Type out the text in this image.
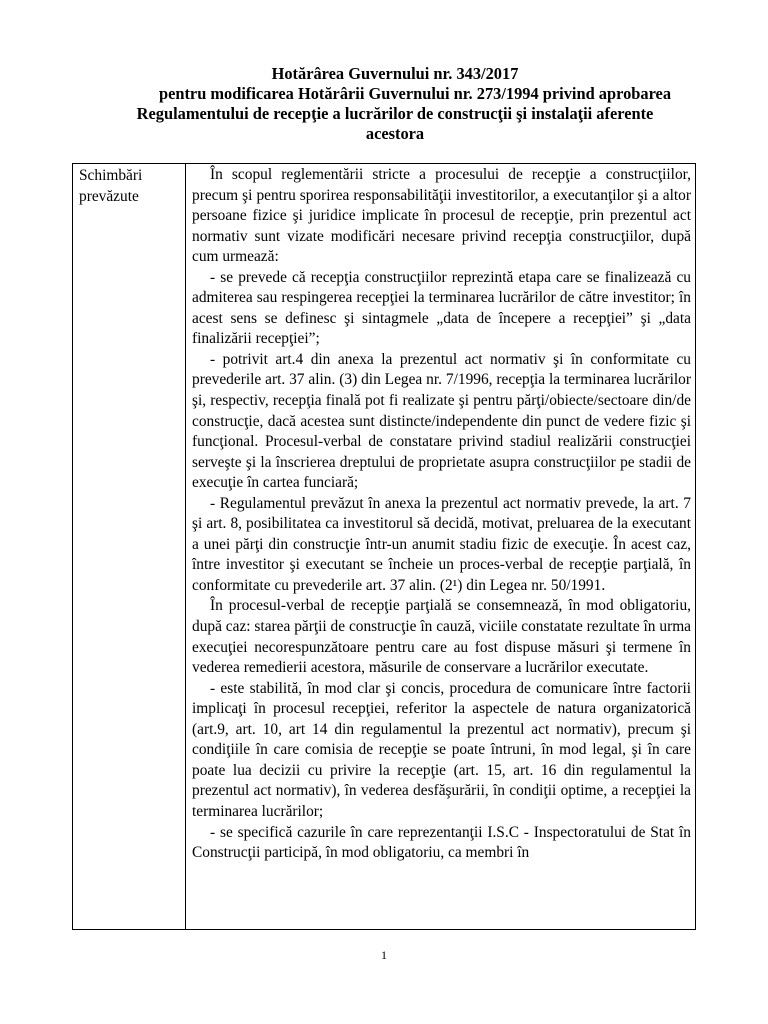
Hotărârea Guvernului nr. 343/2017
pentru modificarea Hotărârii Guvernului nr. 273/1994 privind aprobarea
Regulamentului de recepţie a lucrărilor de construcţii şi instalaţii aferente
acestora
Schimbări prevăzute

În scopul reglementării stricte a procesului de recepţie a construcţiilor, precum şi pentru sporirea responsabilităţii investitorilor, a executanţilor şi a altor persoane fizice şi juridice implicate în procesul de recepţie, prin prezentul act normativ sunt vizate modificări necesare privind recepţia construcţiilor, după cum urmează:

- se prevede că recepţia construcţiilor reprezintă etapa care se finalizează cu admiterea sau respingerea recepţiei la terminarea lucrărilor de către investitor; în acest sens se definesc şi sintagmele „data de începere a recepţiei” şi „data finalizării recepţiei”;

- potrivit art.4 din anexa la prezentul act normativ şi în conformitate cu prevederile art. 37 alin. (3) din Legea nr. 7/1996, recepţia la terminarea lucrărilor şi, respectiv, recepţia finală pot fi realizate şi pentru părţi/obiecte/sectoare din/de construcţie, dacă acestea sunt distincte/independente din punct de vedere fizic şi funcţional. Procesul-verbal de constatare privind stadiul realizării construcţiei serveşte şi la înscrierea dreptului de proprietate asupra construcţiilor pe stadii de execuţie în cartea funciară;

- Regulamentul prevăzut în anexa la prezentul act normativ prevede, la art. 7 şi art. 8, posibilitatea ca investitorul să decidă, motivat, preluarea de la executant a unei părţi din construcţie într-un anumit stadiu fizic de execuţie. În acest caz, între investitor şi executant se încheie un proces-verbal de recepţie parţială, în conformitate cu prevederile art. 37 alin. (2¹) din Legea nr. 50/1991.

În procesul-verbal de recepţie parţială se consemnează, în mod obligatoriu, după caz: starea părţii de construcţie în cauză, viciile constatate rezultate în urma execuţiei necorespunzătoare pentru care au fost dispuse măsuri şi termene în vederea remedierii acestora, măsurile de conservare a lucrărilor executate.

- este stabilită, în mod clar şi concis, procedura de comunicare între factorii implicaţi în procesul recepţiei, referitor la aspectele de natura organizatorică (art.9, art. 10, art 14 din regulamentul la prezentul act normativ), precum şi condiţiile în care comisia de recepţie se poate întruni, în mod legal, şi în care poate lua decizii cu privire la recepţie (art. 15, art. 16 din regulamentul la prezentul act normativ), în vederea desfăşurării, în condiţii optime, a recepţiei la terminarea lucrărilor;

- se specifică cazurile în care reprezentanţii I.S.C - Inspectoratului de Stat în Construcţii participă, în mod obligatoriu, ca membri în

1
